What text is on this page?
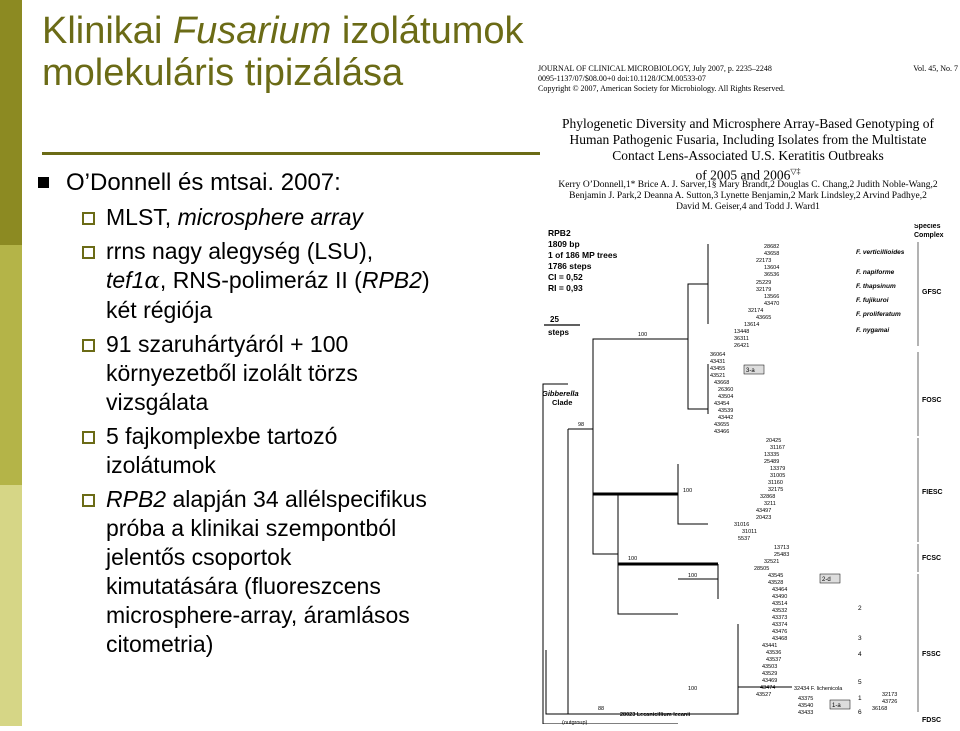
Klinikai Fusarium izolátumok
molekuláris tipizálása
O’Donnell és mtsai. 2007:
MLST, microsphere array
rrns nagy alegység (LSU),
tef1α, RNS-polimeráz II (RPB2)
két régiója
91 szaruhártyáról + 100
környezetből izolált törzs
vizsgálata
5 fajkomplexbe tartozó
izolátumok
RPB2 alapján 34 allélspecifikus
próba a klinikai szempontból
jelentős csoportok
kimutatására (fluoreszcens
microsphere-array, áramlásos
citometria)
JOURNAL OF CLINICAL MICROBIOLOGY, July 2007, p. 2235–2248
0095-1137/07/$08.00+0 doi:10.1128/JCM.00533-07
Copyright © 2007, American Society for Microbiology. All Rights Reserved.
Vol. 45, No. 7
Phylogenetic Diversity and Microsphere Array-Based Genotyping of
Human Pathogenic Fusaria, Including Isolates from the Multistate
Contact Lens-Associated U.S. Keratitis Outbreaks
of 2005 and 2006▽‡
Kerry O’Donnell,1* Brice A. J. Sarver,1§ Mary Brandt,2 Douglas C. Chang,2 Judith Noble-Wang,2
Benjamin J. Park,2 Deanna A. Sutton,3 Lynette Benjamin,2 Mark Lindsley,2 Arvind Padhye,2
David M. Geiser,4 and Todd J. Ward1
RPB2
1809 bp
1 of 186 MP trees
1786 steps
CI = 0,52
RI = 0,93
25
steps
Gibberella
Clade
Species
Complex
100
98
100
100
100
100
88
28682
43658
22173
13604
36536
25229
32179
13566
43470
32174
43665
13614
13448
36311
26421
36064
43431
43455
43521
43668
26360
43504
43454
43539
43442
43655
43466
3-a
20425
31167
13335
25489
13379
31005
31160
32175
32868
3211
43497
20423
31016
31011
5537
13713
25483
32521
28505
43545
43528
43464
43490
43514
43532
43373
43374
43476
43468
43441
43536
43537
43503
43529
43469
43474
43527
43375
43540
43433
2-d
1-a
F. verticillioides
F. napiforme
F. thapsinum
F. fujikuroi
F. proliferatum
F. nygamai
GFSC
FOSC
FIESC
FCSC
FSSC
FDSC
2
3
4
5
1
6
32434 F. lichenicola
32173
43726
36168
28023 Lecanicillium lecanii
(outgroup)
